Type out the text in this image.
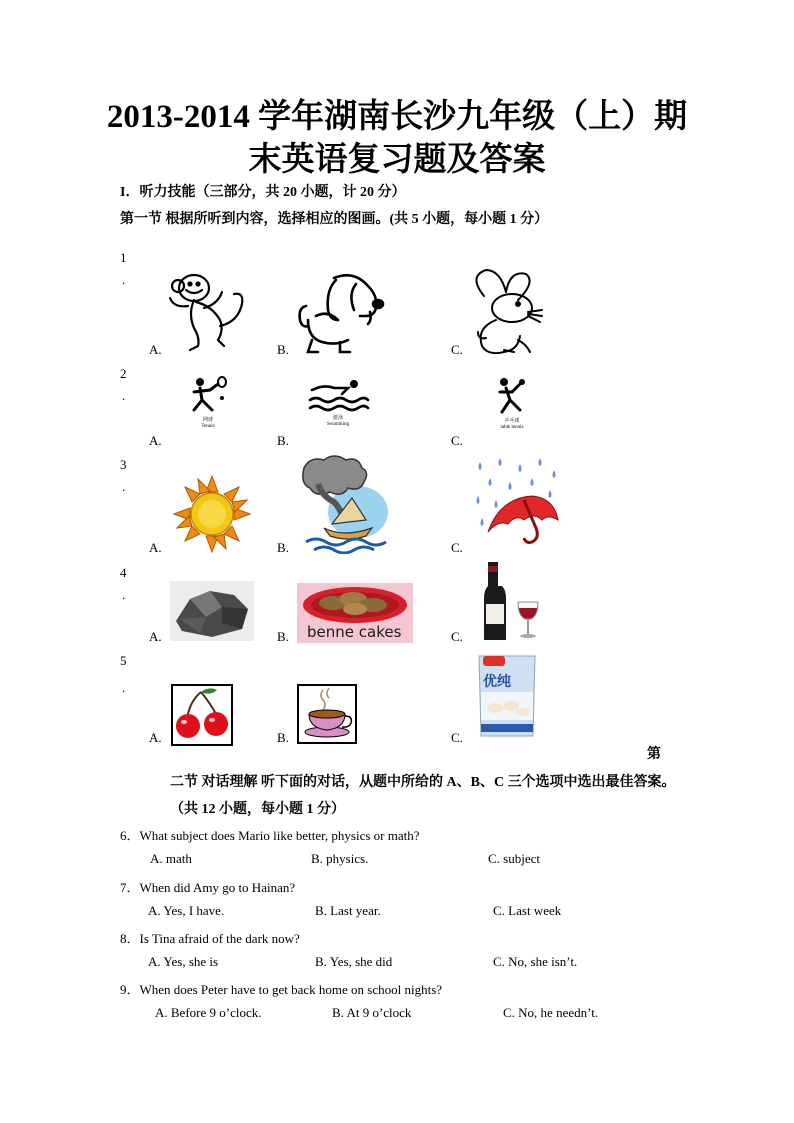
2013-2014 学年湖南长沙九年级（上）期
末英语复习题及答案
I．听力技能（三部分，共 20 小题，计 20 分）
第一节 根据所听到内容，选择相应的图画。(共 5 小题，每小题 1 分）
1
.
A.	B.	C.
2
.
A.	B.	C.
网球
Tennis
游泳
Swimming
乒乓球
table tennis
3
.
A.	B.	C.
4
.
A.	B.	C.
benne cakes
5
.
A.	B.	C.
优纯
第
二节 对话理解 听下面的对话，从题中所给的 A、B、C 三个选项中选出最佳答案。
（共 12 小题，每小题 1 分）
6．What subject does Mario like better, physics or math?
A. math	B. physics.	C. subject
7．When did Amy go to Hainan?
A. Yes, I have.	B. Last year.	C. Last week
8．Is Tina afraid of the dark now?
A. Yes, she is	B. Yes, she did	C. No, she isn’t.
9．When does Peter have to get back home on school nights?
A. Before 9 o’clock.	B. At 9 o’clock	C. No, he needn’t.
